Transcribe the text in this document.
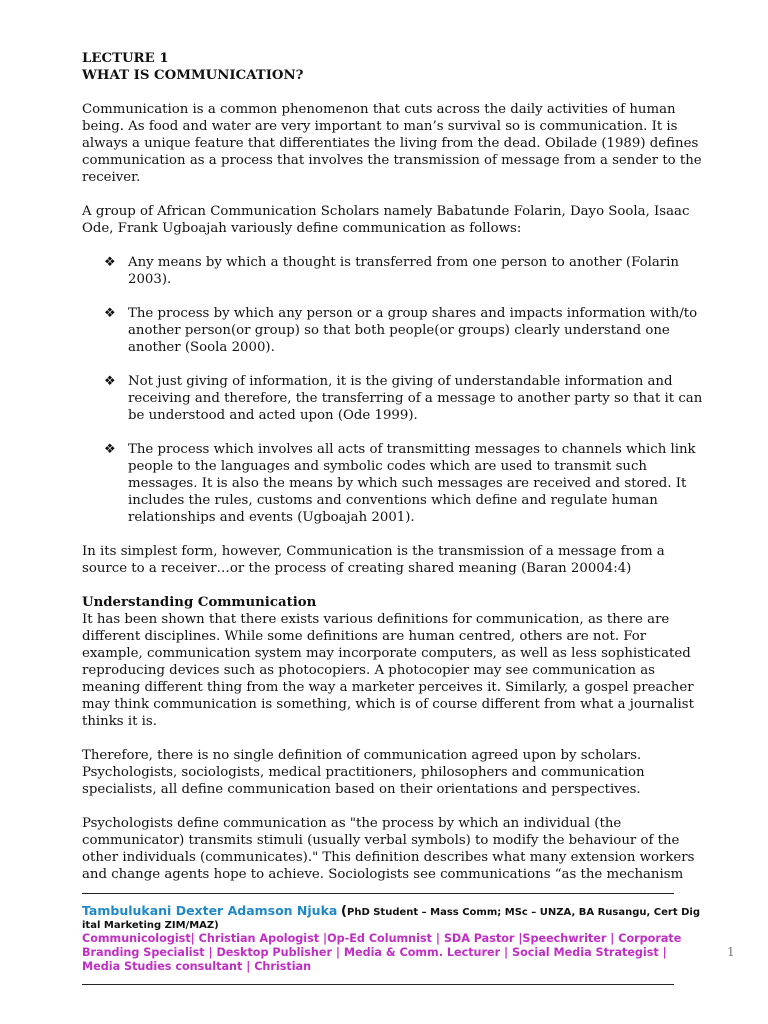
LECTURE 1
WHAT IS COMMUNICATION?

Communication is a common phenomenon that cuts across the daily activities of human being. As food and water are very important to man’s survival so is communication. It is always a unique feature that differentiates the living from the dead. Obilade (1989) defines communication as a process that involves the transmission of message from a sender to the receiver.

A group of African Communication Scholars namely Babatunde Folarin, Dayo Soola, Isaac Ode, Frank Ugboajah variously define communication as follows:

❖ Any means by which a thought is transferred from one person to another (Folarin 2003).
❖ The process by which any person or a group shares and impacts information with/to another person(or group) so that both people(or groups) clearly understand one another (Soola 2000).
❖ Not just giving of information, it is the giving of understandable information and receiving and therefore, the transferring of a message to another party so that it can be understood and acted upon (Ode 1999).
❖ The process which involves all acts of transmitting messages to channels which link people to the languages and symbolic codes which are used to transmit such messages. It is also the means by which such messages are received and stored. It includes the rules, customs and conventions which define and regulate human relationships and events (Ugboajah 2001).

In its simplest form, however, Communication is the transmission of a message from a source to a receiver…or the process of creating shared meaning (Baran 20004:4)

Understanding Communication

It has been shown that there exists various definitions for communication, as there are different disciplines. While some definitions are human centred, others are not. For example, communication system may incorporate computers, as well as less sophisticated reproducing devices such as photocopiers. A photocopier may see communication as meaning different thing from the way a marketer perceives it. Similarly, a gospel preacher may think communication is something, which is of course different from what a journalist thinks it is.

Therefore, there is no single definition of communication agreed upon by scholars. Psychologists, sociologists, medical practitioners, philosophers and communication specialists, all define communication based on their orientations and perspectives.

Psychologists define communication as "the process by which an individual (the communicator) transmits stimuli (usually verbal symbols) to modify the behaviour of the other individuals (communicates)." This definition describes what many extension workers and change agents hope to achieve. Sociologists see communications “as the mechanism

Tambulukani Dexter Adamson Njuka (PhD Student – Mass Comm; MSc – UNZA, BA Rusangu, Cert Dig ital Marketing ZIM/MAZ)
Communicologist| Christian Apologist |Op-Ed Columnist | SDA Pastor |Speechwriter | Corporate Branding Specialist | Desktop Publisher | Media & Comm. Lecturer | Social Media Strategist | Media Studies consultant | Christian
1
